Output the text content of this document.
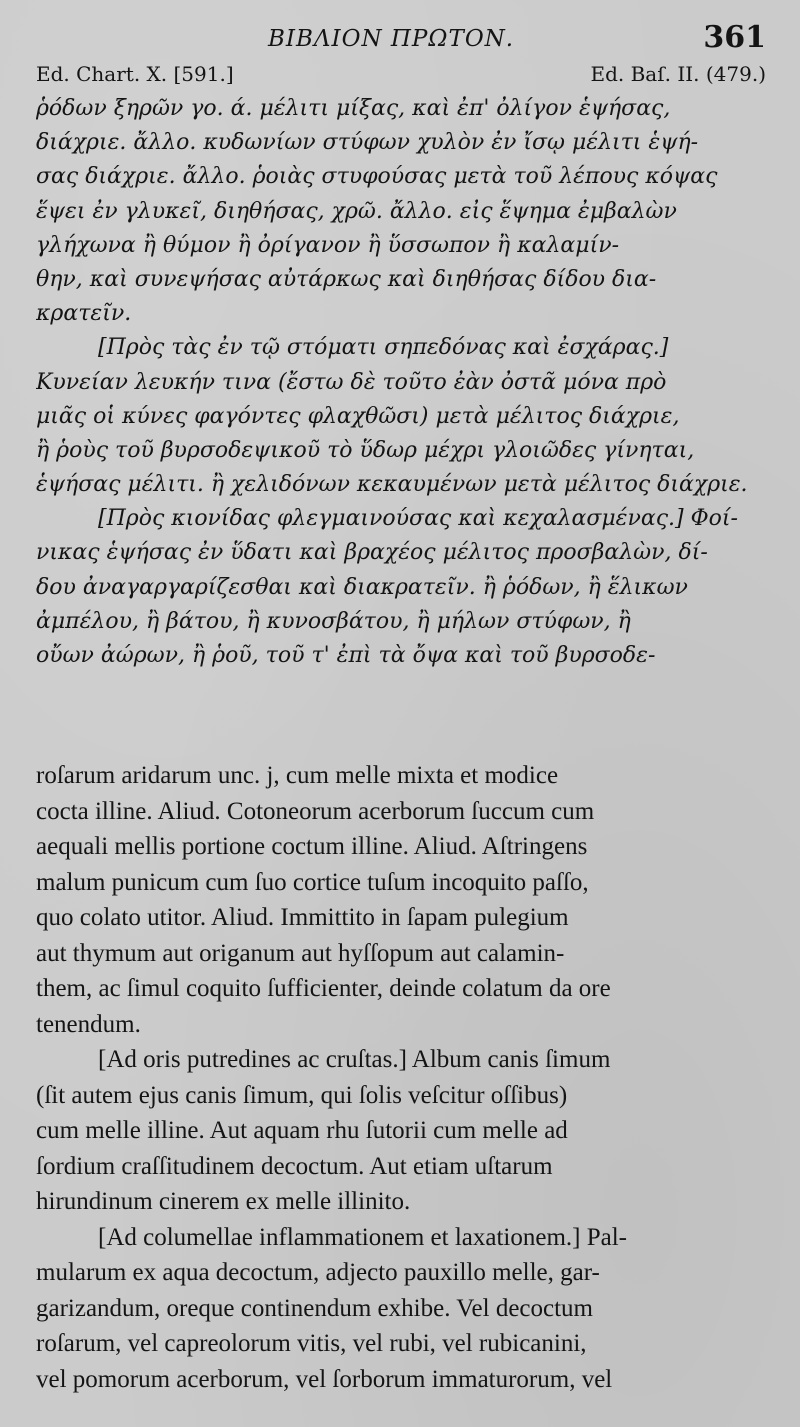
ΒΙΒΛΙΟΝ ΠΡΩΤΟΝ.	361
Ed. Chart. X. [591.]	Ed. Baſ. II. (479.)
ῥόδων ξηρῶν γο. ά. μέλιτι μίξας, καὶ ἐπ' ὀλίγον ἑψήσας,
διάχριε. ἄλλο. κυδωνίων στύφων χυλὸν ἐν ἴσῳ μέλιτι ἑψή-
σας διάχριε. ἄλλο. ῥοιὰς στυφούσας μετὰ τοῦ λέπους κόψας
ἕψει ἐν γλυκεῖ, διηθήσας, χρῶ. ἄλλο. εἰς ἕψημα ἐμβαλὼν
γλήχωνα ἢ θύμον ἢ ὀρίγανον ἢ ὕσσωπον ἢ καλαμίν-
θην, καὶ συνεψήσας αὐτάρκως καὶ διηθήσας δίδου δια-
κρατεῖν.
[Πρὸς τὰς ἐν τῷ στόματι σηπεδόνας καὶ ἐσχάρας.]
Κυνείαν λευκήν τινα (ἔστω δὲ τοῦτο ἐὰν ὀστᾶ μόνα πρὸ
μιᾶς οἱ κύνες φαγόντες φλαχθῶσι) μετὰ μέλιτος διάχριε,
ἢ ῥοὺς τοῦ βυρσοδεψικοῦ τὸ ὕδωρ μέχρι γλοιῶδες γίνηται,
ἑψήσας μέλιτι. ἢ χελιδόνων κεκαυμένων μετὰ μέλιτος διάχριε.
[Πρὸς κιονίδας φλεγμαινούσας καὶ κεχαλασμένας.] Φοί-
νικας ἑψήσας ἐν ὕδατι καὶ βραχέος μέλιτος προσβαλὼν, δί-
δου ἀναγαργαρίζεσθαι καὶ διακρατεῖν. ἢ ῥόδων, ἢ ἕλικων
ἀμπέλου, ἢ βάτου, ἢ κυνοσβάτου, ἢ μήλων στύφων, ἢ
οὔων ἀώρων, ἢ ῥοῦ, τοῦ τ' ἐπὶ τὰ ὄψα καὶ τοῦ βυρσοδε-
roſarum aridarum unc. j, cum melle mixta et modice
cocta illine. Aliud. Cotoneorum acerborum ſuccum cum
aequali mellis portione coctum illine. Aliud. Aſtringens
malum punicum cum ſuo cortice tuſum incoquito paſſo,
quo colato utitor. Aliud. Immittito in ſapam pulegium
aut thymum aut origanum aut hyſſopum aut calamin-
them, ac ſimul coquito ſufficienter, deinde colatum da ore
tenendum.
[Ad oris putredines ac cruſtas.] Album canis ſimum
(ſit autem ejus canis ſimum, qui ſolis veſcitur oſſibus)
cum melle illine. Aut aquam rhu ſutorii cum melle ad
ſordium craſſitudinem decoctum. Aut etiam uſtarum
hirundinum cinerem ex melle illinito.
[Ad columellae inflammationem et laxationem.] Pal-
mularum ex aqua decoctum, adjecto pauxillo melle, gar-
garizandum, oreque continendum exhibe. Vel decoctum
roſarum, vel capreolorum vitis, vel rubi, vel rubicanini,
vel pomorum acerborum, vel ſorborum immaturorum, vel
